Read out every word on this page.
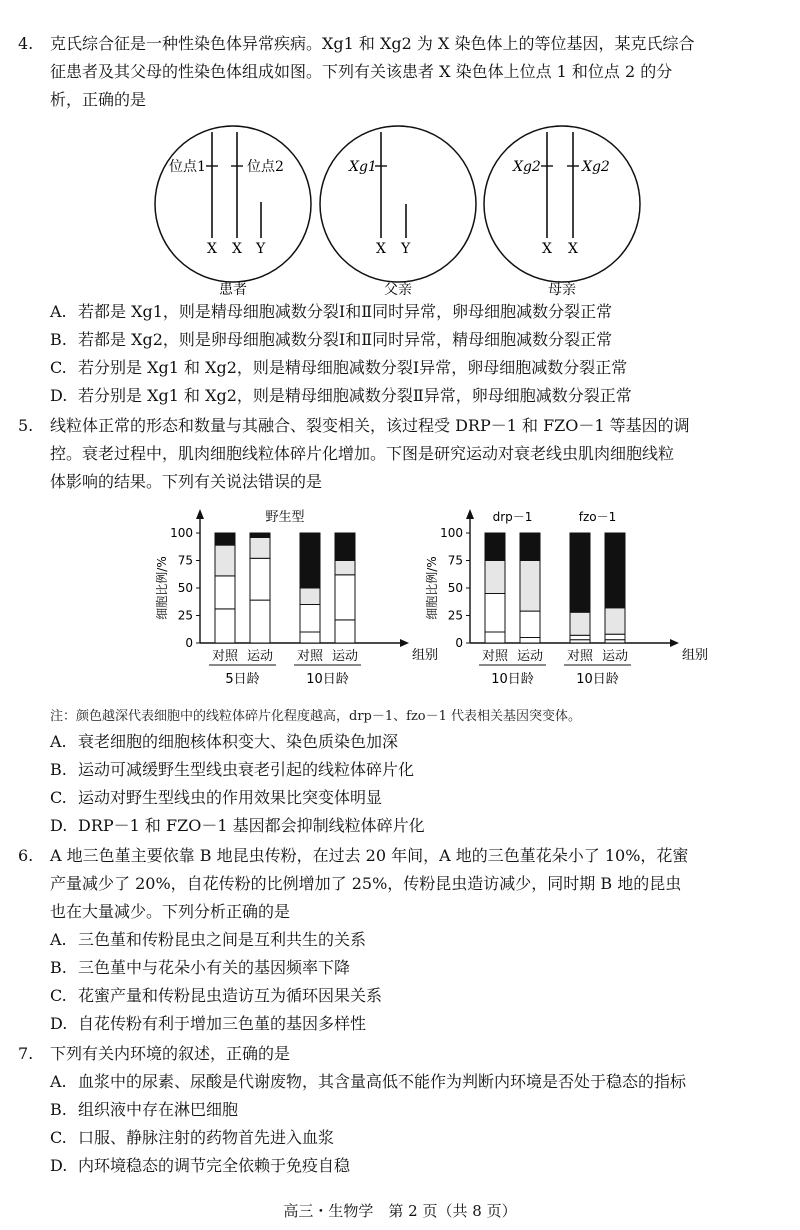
4. 克氏综合征是一种性染色体异常疾病。Xg1 和 Xg2 为 X 染色体上的等位基因，某克氏综合
征患者及其父母的性染色体组成如图。下列有关该患者 X 染色体上位点 1 和位点 2 的分
析，正确的是
位点1	位点2
X X Y
患者
Xg1
X Y
父亲
Xg2	Xg2
X X
母亲
A. 若都是 Xg1，则是精母细胞减数分裂Ⅰ和Ⅱ同时异常，卵母细胞减数分裂正常
B. 若都是 Xg2，则是卵母细胞减数分裂Ⅰ和Ⅱ同时异常，精母细胞减数分裂正常
C. 若分别是 Xg1 和 Xg2，则是精母细胞减数分裂Ⅰ异常，卵母细胞减数分裂正常
D. 若分别是 Xg1 和 Xg2，则是精母细胞减数分裂Ⅱ异常，卵母细胞减数分裂正常
5. 线粒体正常的形态和数量与其融合、裂变相关，该过程受 DRP－1 和 FZO－1 等基因的调
控。衰老过程中，肌肉细胞线粒体碎片化增加。下图是研究运动对衰老线虫肌肉细胞线粒
体影响的结果。下列有关说法错误的是
细胞比例/%
组别
0
25
50
75
100
对照 运动 对照 运动
5日龄	10日龄
野生型
细胞比例/%
组别
0
25
50
75
100
对照 运动 对照 运动
10日龄	10日龄
drp－1	fzo－1
注：颜色越深代表细胞中的线粒体碎片化程度越高，drp－1、fzo－1 代表相关基因突变体。
A. 衰老细胞的细胞核体积变大、染色质染色加深
B. 运动可减缓野生型线虫衰老引起的线粒体碎片化
C. 运动对野生型线虫的作用效果比突变体明显
D. DRP－1 和 FZO－1 基因都会抑制线粒体碎片化
6. A 地三色堇主要依靠 B 地昆虫传粉，在过去 20 年间，A 地的三色堇花朵小了 10%，花蜜
产量减少了 20%，自花传粉的比例增加了 25%，传粉昆虫造访减少，同时期 B 地的昆虫
也在大量减少。下列分析正确的是
A. 三色堇和传粉昆虫之间是互利共生的关系
B. 三色堇中与花朵小有关的基因频率下降
C. 花蜜产量和传粉昆虫造访互为循环因果关系
D. 自花传粉有利于增加三色堇的基因多样性
7. 下列有关内环境的叙述，正确的是
A. 血浆中的尿素、尿酸是代谢废物，其含量高低不能作为判断内环境是否处于稳态的指标
B. 组织液中存在淋巴细胞
C. 口服、静脉注射的药物首先进入血浆
D. 内环境稳态的调节完全依赖于免疫自稳
高三・生物学　第 2 页（共 8 页）
